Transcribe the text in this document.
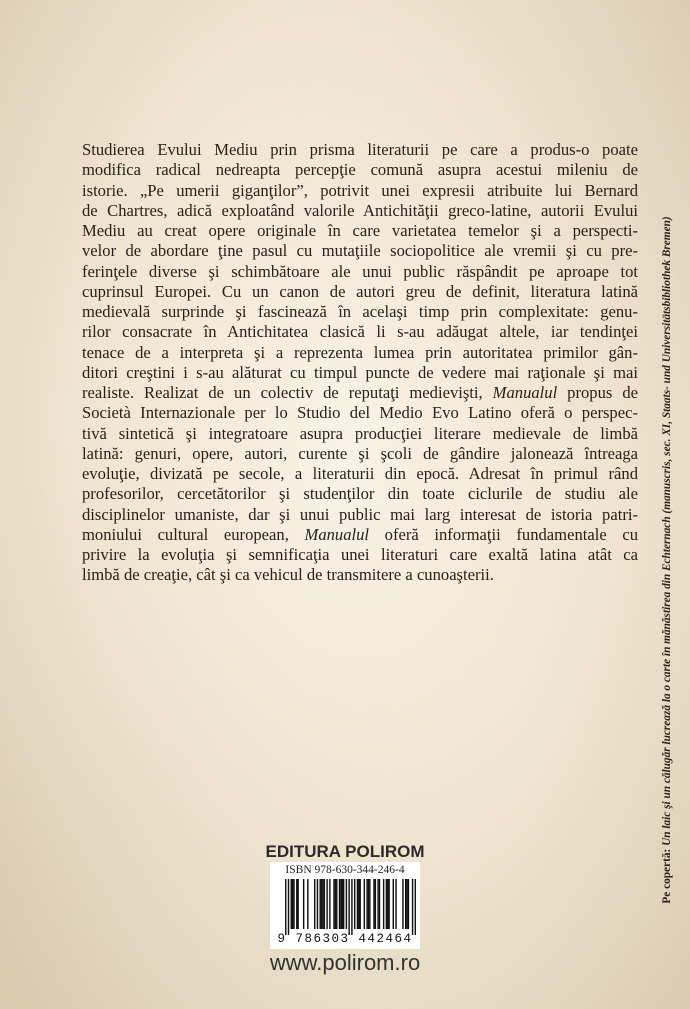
Studierea Evului Mediu prin prisma literaturii pe care a produs-o poate
modifica radical nedreapta percepţie comună asupra acestui mileniu de
istorie. „Pe umerii giganţilor”, potrivit unei expresii atribuite lui Bernard
de Chartres, adică exploatând valorile Antichităţii greco-latine, autorii Evului
Mediu au creat opere originale în care varietatea temelor şi a perspecti-
velor de abordare ţine pasul cu mutaţiile sociopolitice ale vremii şi cu pre-
ferinţele diverse şi schimbătoare ale unui public răspândit pe aproape tot
cuprinsul Europei. Cu un canon de autori greu de definit, literatura latină
medievală surprinde şi fascinează în acelaşi timp prin complexitate: genu-
rilor consacrate în Antichitatea clasică li s-au adăugat altele, iar tendinţei
tenace de a interpreta şi a reprezenta lumea prin autoritatea primilor gân-
ditori creştini i s-au alăturat cu timpul puncte de vedere mai raţionale şi mai
realiste. Realizat de un colectiv de reputaţi medievişti, Manualul propus de
Società Internazionale per lo Studio del Medio Evo Latino oferă o perspec-
tivă sintetică şi integratoare asupra producţiei literare medievale de limbă
latină: genuri, opere, autori, curente şi şcoli de gândire jalonează întreaga
evoluţie, divizată pe secole, a literaturii din epocă. Adresat în primul rând
profesorilor, cercetătorilor şi studenţilor din toate ciclurile de studiu ale
disciplinelor umaniste, dar şi unui public mai larg interesat de istoria patri-
moniului cultural european, Manualul oferă informaţii fundamentale cu
privire la evoluţia şi semnificaţia unei literaturi care exaltă latina atât ca
limbă de creaţie, cât şi ca vehicul de transmitere a cunoaşterii.
Pe copertă: Un laic şi un călugăr lucrează la o carte în mănăstirea din Echternach (manuscris, sec. XI, Staats- und Universitätsbibliothek Bremen)
EDITURA POLIROM
ISBN 978-630-344-246-4
9 786303 442464
www.polirom.ro
